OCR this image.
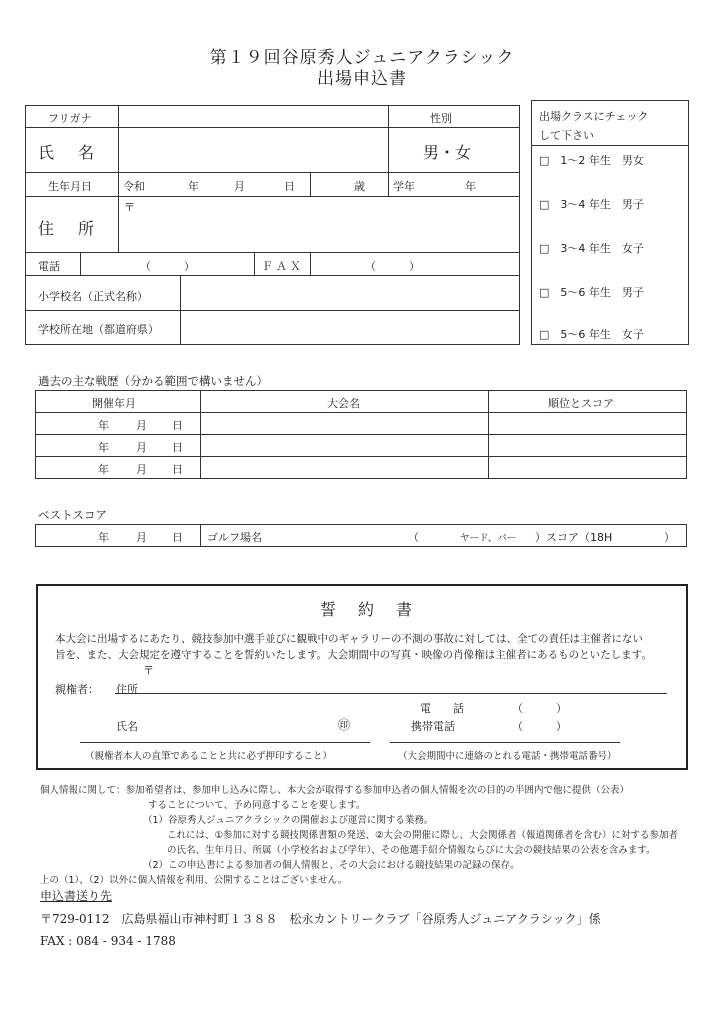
第１９回谷原秀人ジュニアクラシック
出場申込書
フリガナ	性別
氏　名	男・女
生年月日	令和	年	月	日	歳	学年	年
住　所
〒
電話	（　　　）	ＦＡＸ	（　　　）
小学校名（正式名称）
学校所在地（都道府県）
出場クラスにチェック
して下さい
□　1〜2 年生　男女
□　3〜4 年生　男子
□　3〜4 年生　女子
□　5〜6 年生　男子
□　5〜6 年生　女子
過去の主な戦歴（分かる範囲で構いません）
開催年月	大会名	順位とスコア
年 月 日
年 月 日
年 月 日
ベストスコア
年 月 日 ゴルフ場名	（	ヤード、パー ）スコア（18H	）
誓　約　書
本大会に出場するにあたり、競技参加中選手並びに観戦中のギャラリーの不測の事故に対しては、全ての責任は主催者にない
旨を、また、大会規定を遵守することを誓約いたします。大会期間中の写真・映像の肖像権は主催者にあるものといたします。
〒
親権者： 住所
電　　話	（　　　）
氏名	㊞	携帯電話	（　　　）
（親権者本人の直筆であることと共に必ず押印すること）	（大会期間中に連絡のとれる電話・携帯電話番号）
個人情報に関して：参加希望者は、参加申し込みに際し、本大会が取得する参加申込者の個人情報を次の目的の半囲内で他に提供（公表）
することについて、予め同意することを要します。
（1）谷原秀人ジュニアクラシックの開催および運営に関する業務。
これには、①参加に対する競技関係書類の発送、②大会の開催に際し、大会関係者（報道関係者を含む）に対する参加者
の氏名、生年月日、所属（小学校名および学年）、その他選手紹介情報ならびに大会の競技結果の公表を含みます。
（2）この申込書による参加者の個人情報と、その大会における競技結果の記録の保存。
上の（1）、（2）以外に個人情報を利用、公開することはございません。
申込書送り先
〒729-0112　広島県福山市神村町１３８８　松永カントリークラブ「谷原秀人ジュニアクラシック」係
FAX : 084 - 934 - 1788
